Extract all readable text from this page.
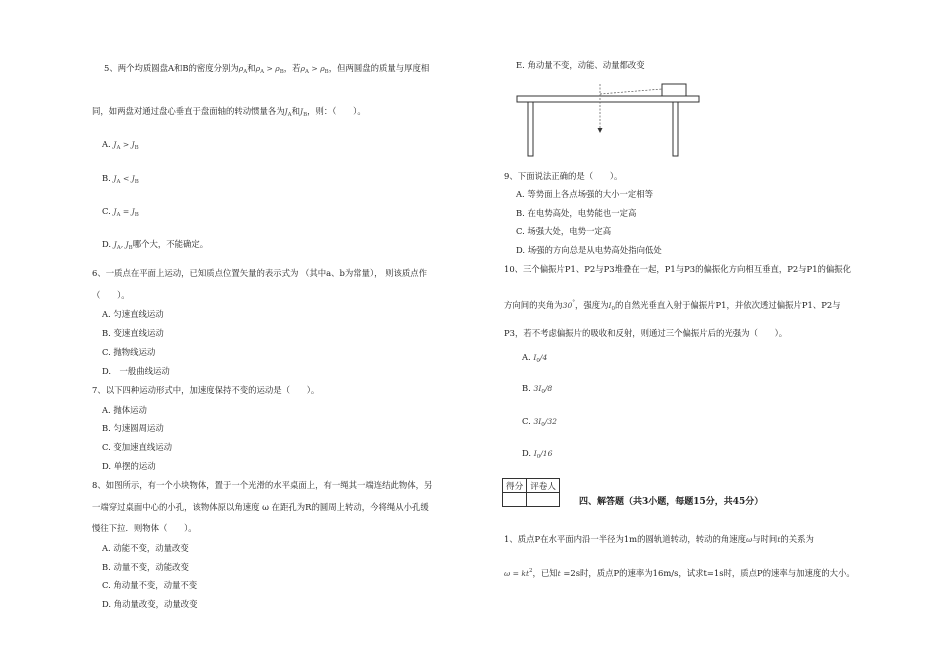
5、两个均质圆盘A和B的密度分别为$\rho_A$和$\rho_A > \rho_B$，若$\rho_A > \rho_B$，但两圆盘的质量与厚度相
同，如两盘对通过盘心垂直于盘面轴的转动惯量各为$J_A$和$J_B$，则：（　　）。
A. $J_A > J_B$
B. $J_A < J_B$
C. $J_A = J_B$
D. $J_A$, $J_B$哪个大，不能确定。
6、一质点在平面上运动，已知质点位置矢量的表示式为 （其中a、b为常量）， 则该质点作
（　　）。
A. 匀速直线运动
B. 变速直线运动
C. 抛物线运动
D.　一般曲线运动
7、以下四种运动形式中，加速度保持不变的运动是（　　）。
A. 抛体运动
B. 匀速圆周运动
C. 变加速直线运动
D. 单摆的运动
8、如图所示，有一个小块物体，置于一个光滑的水平桌面上，有一绳其一端连结此物体，另
一端穿过桌面中心的小孔，该物体原以角速度 ω 在距孔为R的圆周上转动，今将绳从小孔缓
慢往下拉．则物体（　　）。
A. 动能不变，动量改变
B. 动量不变，动能改变
C. 角动量不变，动量不变
D. 角动量改变，动量改变
E. 角动量不变，动能、动量都改变
9、下面说法正确的是（　　）。
A. 等势面上各点场强的大小一定相等
B. 在电势高处，电势能也一定高
C. 场强大处，电势一定高
D. 场强的方向总是从电势高处指向低处
10、三个偏振片P1、P2与P3堆叠在一起，P1与P3的偏振化方向相互垂直，P2与P1的偏振化
方向间的夹角为30°，强度为$I_0$的自然光垂直入射于偏振片P1，并依次透过偏振片P1、P2与
P3，若不考虑偏振片的吸收和反射，则通过三个偏振片后的光强为（　　）。
A. $I_0/4$
B. $3I_0/8$
C. $3I_0/32$
D. $I_0/16$
得分	评卷人

四、解答题（共3小题，每题15分，共45分）
1、质点P在水平面内沿一半径为1m的圆轨道转动，转动的角速度ω与时间t的关系为
$\omega = kt^2$，已知t =2s时，质点P的速率为16m/s，试求t=1s时，质点P的速率与加速度的大小。
